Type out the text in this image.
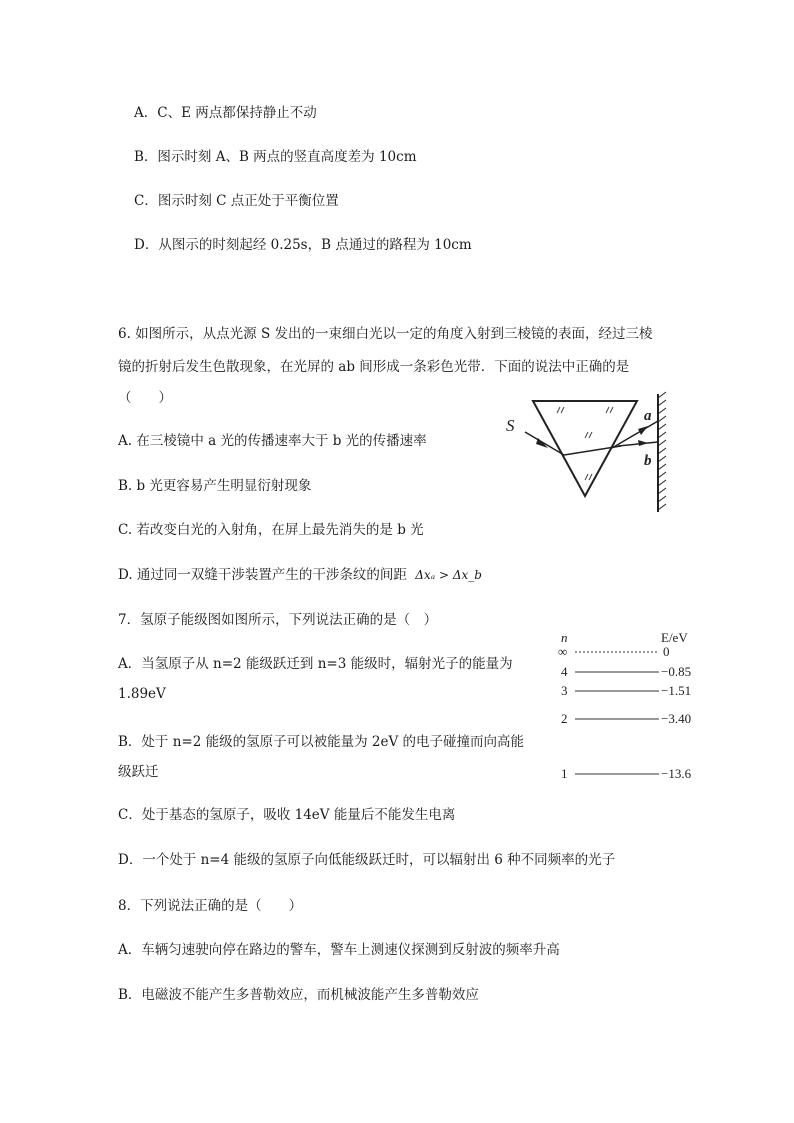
A．C、E 两点都保持静止不动
B．图示时刻 A、B 两点的竖直高度差为 10cm
C．图示时刻 C 点正处于平衡位置
D．从图示的时刻起经 0.25s，B 点通过的路程为 10cm
6. 如图所示，从点光源 S 发出的一束细白光以一定的角度入射到三棱镜的表面，经过三棱
镜的折射后发生色散现象，在光屏的 ab 间形成一条彩色光带．下面的说法中正确的是
（　　）
A. 在三棱镜中 a 光的传播速率大于 b 光的传播速率
B. b 光更容易产生明显衍射现象
C. 若改变白光的入射角，在屏上最先消失的是 b 光
D. 通过同一双缝干涉装置产生的干涉条纹的间距 Δxₐ > Δx_b
S	a
b
7．氢原子能级图如图所示，下列说法正确的是（　）
A．当氢原子从 n=2 能级跃迁到 n=3 能级时，辐射光子的能量为
1.89eV
B．处于 n=2 能级的氢原子可以被能量为 2eV 的电子碰撞而向高能
级跃迁
C．处于基态的氢原子，吸收 14eV 能量后不能发生电离
D．一个处于 n=4 能级的氢原子向低能级跃迁时，可以辐射出 6 种不同频率的光子
n	E/eV
∞	0
4	−0.85
3	−1.51
2	−3.40
1	−13.6
8．下列说法正确的是（　　）
A．车辆匀速驶向停在路边的警车，警车上测速仪探测到反射波的频率升高
B．电磁波不能产生多普勒效应，而机械波能产生多普勒效应
